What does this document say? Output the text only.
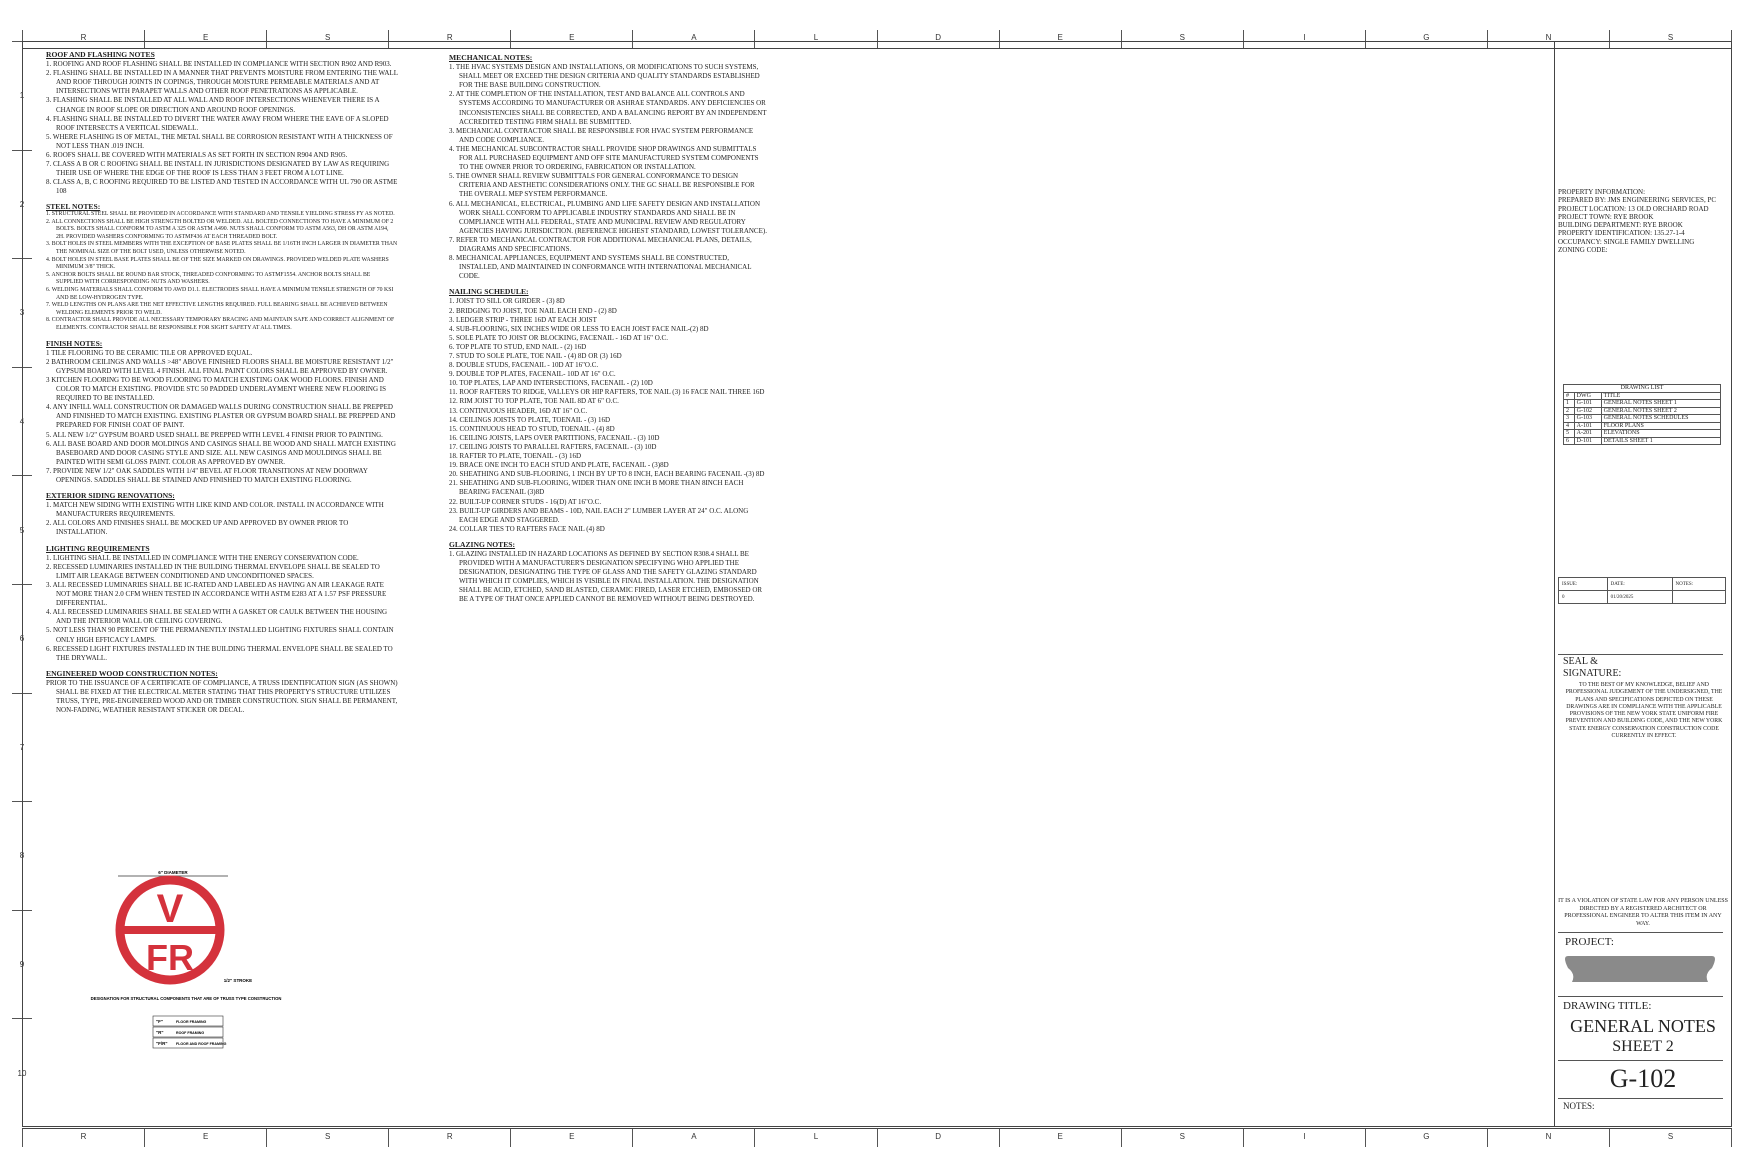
R	E	S	R	E	A	L	D	E	S	I	G	N	S
R	E	S	R	E	A	L	D	E	S	I	G	N	S
1
2
3
4
5
6
7
8
9
10
ROOF AND FLASHING NOTES

1. ROOFING AND ROOF FLASHING SHALL BE INSTALLED IN COMPLIANCE WITH SECTION R902 AND R903.

2. FLASHING SHALL BE INSTALLED IN A MANNER THAT PREVENTS MOISTURE FROM ENTERING THE WALL AND ROOF THROUGH JOINTS IN COPINGS, THROUGH MOISTURE PERMEABLE MATERIALS AND AT INTERSECTIONS WITH PARAPET WALLS AND OTHER ROOF PENETRATIONS AS APPLICABLE.

3. FLASHING SHALL BE INSTALLED AT ALL WALL AND ROOF INTERSECTIONS WHENEVER THERE IS A CHANGE IN ROOF SLOPE OR DIRECTION AND AROUND ROOF OPENINGS.

4. FLASHING SHALL BE INSTALLED TO DIVERT THE WATER AWAY FROM WHERE THE EAVE OF A SLOPED ROOF INTERSECTS A VERTICAL SIDEWALL.

5. WHERE FLASHING IS OF METAL, THE METAL SHALL BE CORROSION RESISTANT WITH A THICKNESS OF NOT LESS THAN .019 INCH.

6. ROOFS SHALL BE COVERED WITH MATERIALS AS SET FORTH IN SECTION R904 AND R905.

7. CLASS A B OR C ROOFING SHALL BE INSTALL IN JURISDICTIONS DESIGNATED BY LAW AS REQUIRING THEIR USE OF WHERE THE EDGE OF THE ROOF IS LESS THAN 3 FEET FROM A LOT LINE.

8. CLASS A, B, C ROOFING REQUIRED TO BE LISTED AND TESTED IN ACCORDANCE WITH UL 790 OR ASTME 108

STEEL NOTES:

1. STRUCTURAL STEEL SHALL BE PROVIDED IN ACCORDANCE WITH STANDARD AND TENSILE YIELDING STRESS FY AS NOTED.

2. ALL CONNECTIONS SHALL BE HIGH STRENGTH BOLTED OR WELDED. ALL BOLTED CONNECTIONS TO HAVE A MINIMUM OF 2 BOLTS. BOLTS SHALL CONFORM TO ASTM A 325 OR ASTM A490. NUTS SHALL CONFORM TO ASTM A563, DH OR ASTM A194, 2H. PROVIDED WASHERS CONFORMING TO ASTMF436 AT EACH THREADED BOLT.

3. BOLT HOLES IN STEEL MEMBERS WITH THE EXCEPTION OF BASE PLATES SHALL BE 1/16TH INCH LARGER IN DIAMETER THAN THE NOMINAL SIZE OF THE BOLT USED, UNLESS OTHERWISE NOTED.

4. BOLT HOLES IN STEEL BASE PLATES SHALL BE OF THE SIZE MARKED ON DRAWINGS. PROVIDED WELDED PLATE WASHERS MINIMUM 3/8" THICK.

5. ANCHOR BOLTS SHALL BE ROUND BAR STOCK, THREADED CONFORMING TO ASTMF1554. ANCHOR BOLTS SHALL BE SUPPLIED WITH CORRESPONDING NUTS AND WASHERS.

6. WELDING MATERIALS SHALL CONFORM TO AWD D1.1. ELECTRODES SHALL HAVE A MINIMUM TENSILE STRENGTH OF 70 KSI AND BE LOW-HYDROGEN TYPE.

7. WELD LENGTHS ON PLANS ARE THE NET EFFECTIVE LENGTHS REQUIRED. FULL BEARING SHALL BE ACHIEVED BETWEEN WELDING ELEMENTS PRIOR TO WELD.

8. CONTRACTOR SHALL PROVIDE ALL NECESSARY TEMPORARY BRACING AND MAINTAIN SAFE AND CORRECT ALIGNMENT OF ELEMENTS. CONTRACTOR SHALL BE RESPONSIBLE FOR SIGHT SAFETY AT ALL TIMES.

FINISH NOTES:

1 TILE FLOORING TO BE CERAMIC TILE OR APPROVED EQUAL.

2 BATHROOM CEILINGS AND WALLS >48" ABOVE FINISHED FLOORS SHALL BE MOISTURE RESISTANT 1/2" GYPSUM BOARD WITH LEVEL 4 FINISH. ALL FINAL PAINT COLORS SHALL BE APPROVED BY OWNER.

3 KITCHEN FLOORING TO BE WOOD FLOORING TO MATCH EXISTING OAK WOOD FLOORS. FINISH AND COLOR TO MATCH EXISTING. PROVIDE STC 50 PADDED UNDERLAYMENT WHERE NEW FLOORING IS REQUIRED TO BE INSTALLED.

4. ANY INFILL WALL CONSTRUCTION OR DAMAGED WALLS DURING CONSTRUCTION SHALL BE PREPPED AND FINISHED TO MATCH EXISTING. EXISTING PLASTER OR GYPSUM BOARD SHALL BE PREPPED AND PREPARED FOR FINISH COAT OF PAINT.

5. ALL NEW 1/2" GYPSUM BOARD USED SHALL BE PREPPED WITH LEVEL 4 FINISH PRIOR TO PAINTING.

6. ALL BASE BOARD AND DOOR MOLDINGS AND CASINGS SHALL BE WOOD AND SHALL MATCH EXISTING BASEBOARD AND DOOR CASING STYLE AND SIZE. ALL NEW CASINGS AND MOULDINGS SHALL BE PAINTED WITH SEMI GLOSS PAINT. COLOR AS APPROVED BY OWNER.

7. PROVIDE NEW 1/2" OAK SADDLES WITH 1/4" BEVEL AT FLOOR TRANSITIONS AT NEW DOORWAY OPENINGS. SADDLES SHALL BE STAINED AND FINISHED TO MATCH EXISTING FLOORING.

EXTERIOR SIDING RENOVATIONS:

1. MATCH NEW SIDING WITH EXISTING WITH LIKE KIND AND COLOR. INSTALL IN ACCORDANCE WITH MANUFACTURERS REQUIREMENTS.

2. ALL COLORS AND FINISHES SHALL BE MOCKED UP AND APPROVED BY OWNER PRIOR TO INSTALLATION.

LIGHTING REQUIREMENTS

1. LIGHTING SHALL BE INSTALLED IN COMPLIANCE WITH THE ENERGY CONSERVATION CODE.

2. RECESSED LUMINARIES INSTALLED IN THE BUILDING THERMAL ENVELOPE SHALL BE SEALED TO LIMIT AIR LEAKAGE BETWEEN CONDITIONED AND UNCONDITIONED SPACES.

3. ALL RECESSED LUMINARIES SHALL BE IC-RATED AND LABELED AS HAVING AN AIR LEAKAGE RATE NOT MORE THAN 2.0 CFM WHEN TESTED IN ACCORDANCE WITH ASTM E283 AT A 1.57 PSF PRESSURE DIFFERENTIAL.

4. ALL RECESSED LUMINARIES SHALL BE SEALED WITH A GASKET OR CAULK BETWEEN THE HOUSING AND THE INTERIOR WALL OR CEILING COVERING.

5. NOT LESS THAN 90 PERCENT OF THE PERMANENTLY INSTALLED LIGHTING FIXTURES SHALL CONTAIN ONLY HIGH EFFICACY LAMPS.

6. RECESSED LIGHT FIXTURES INSTALLED IN THE BUILDING THERMAL ENVELOPE SHALL BE SEALED TO THE DRYWALL.

ENGINEERED WOOD CONSTRUCTION NOTES:

PRIOR TO THE ISSUANCE OF A CERTIFICATE OF COMPLIANCE, A TRUSS IDENTIFICATION SIGN (AS SHOWN) SHALL BE FIXED AT THE ELECTRICAL METER STATING THAT THIS PROPERTY'S STRUCTURE UTILIZES TRUSS, TYPE, PRE-ENGINEERED WOOD AND OR TIMBER CONSTRUCTION. SIGN SHALL BE PERMANENT, NON-FADING, WEATHER RESISTANT STICKER OR DECAL.

MECHANICAL NOTES:

1. THE HVAC SYSTEMS DESIGN AND INSTALLATIONS, OR MODIFICATIONS TO SUCH SYSTEMS, SHALL MEET OR EXCEED THE DESIGN CRITERIA AND QUALITY STANDARDS ESTABLISHED FOR THE BASE BUILDING CONSTRUCTION.

2. AT THE COMPLETION OF THE INSTALLATION, TEST AND BALANCE ALL CONTROLS AND SYSTEMS ACCORDING TO MANUFACTURER OR ASHRAE STANDARDS. ANY DEFICIENCIES OR INCONSISTENCIES SHALL BE CORRECTED, AND A BALANCING REPORT BY AN INDEPENDENT ACCREDITED TESTING FIRM SHALL BE SUBMITTED.

3. MECHANICAL CONTRACTOR SHALL BE RESPONSIBLE FOR HVAC SYSTEM PERFORMANCE AND CODE COMPLIANCE.

4. THE MECHANICAL SUBCONTRACTOR SHALL PROVIDE SHOP DRAWINGS AND SUBMITTALS FOR ALL PURCHASED EQUIPMENT AND OFF SITE MANUFACTURED SYSTEM COMPONENTS TO THE OWNER PRIOR TO ORDERING, FABRICATION OR INSTALLATION.

5. THE OWNER SHALL REVIEW SUBMITTALS FOR GENERAL CONFORMANCE TO DESIGN CRITERIA AND AESTHETIC CONSIDERATIONS ONLY. THE GC SHALL BE RESPONSIBLE FOR THE OVERALL MEP SYSTEM PERFORMANCE.

6. ALL MECHANICAL, ELECTRICAL, PLUMBING AND LIFE SAFETY DESIGN AND INSTALLATION WORK SHALL CONFORM TO APPLICABLE INDUSTRY STANDARDS AND SHALL BE IN COMPLIANCE WITH ALL FEDERAL, STATE AND MUNICIPAL REVIEW AND REGULATORY AGENCIES HAVING JURISDICTION. (REFERENCE HIGHEST STANDARD, LOWEST TOLERANCE).

7. REFER TO MECHANICAL CONTRACTOR FOR ADDITIONAL MECHANICAL PLANS, DETAILS, DIAGRAMS AND SPECIFICATIONS.

8. MECHANICAL APPLIANCES, EQUIPMENT AND SYSTEMS SHALL BE CONSTRUCTED, INSTALLED, AND MAINTAINED IN CONFORMANCE WITH INTERNATIONAL MECHANICAL CODE.

NAILING SCHEDULE:

1. JOIST TO SILL OR GIRDER - (3) 8D

2. BRIDGING TO JOIST, TOE NAIL EACH END - (2) 8D

3. LEDGER STRIP - THREE 16D AT EACH JOIST

4. SUB-FLOORING, SIX INCHES WIDE OR LESS TO EACH JOIST FACE NAIL-(2) 8D

5. SOLE PLATE TO JOIST OR BLOCKING, FACENAIL - 16D AT 16" O.C.

6. TOP PLATE TO STUD, END NAIL - (2) 16D

7. STUD TO SOLE PLATE, TOE NAIL - (4) 8D OR (3) 16D

8. DOUBLE STUDS, FACENAIL - 10D AT 16"O.C.

9. DOUBLE TOP PLATES, FACENAIL- 10D AT 16" O.C.

10. TOP PLATES, LAP AND INTERSECTIONS, FACENAIL - (2) 10D

11. ROOF RAFTERS TO RIDGE, VALLEYS OR HIP RAFTERS, TOE NAIL (3) 16 FACE NAIL THREE 16D

12. RIM JOIST TO TOP PLATE, TOE NAIL 8D AT 6" O.C.

13. CONTINUOUS HEADER, 16D AT 16" O.C.

14. CEILINGS JOISTS TO PLATE, TOENAIL - (3) 16D

15. CONTINUOUS HEAD TO STUD, TOENAIL - (4) 8D

16. CEILING JOISTS, LAPS OVER PARTITIONS, FACENAIL - (3) 10D

17. CEILING JOISTS TO PARALLEL RAFTERS, FACENAIL - (3) 10D

18. RAFTER TO PLATE, TOENAIL - (3) 16D

19. BRACE ONE INCH TO EACH STUD AND PLATE, FACENAIL - (3)8D

20. SHEATHING AND SUB-FLOORING, 1 INCH BY UP TO 8 INCH, EACH BEARING FACENAIL -(3) 8D

21. SHEATHING AND SUB-FLOORING, WIDER THAN ONE INCH B MORE THAN 8INCH EACH BEARING FACENAIL (3)8D

22. BUILT-UP CORNER STUDS - 16(D) AT 16"O.C.

23. BUILT-UP GIRDERS AND BEAMS - 10D, NAIL EACH 2" LUMBER LAYER AT 24" O.C. ALONG EACH EDGE AND STAGGERED.

24. COLLAR TIES TO RAFTERS FACE NAIL (4) 8D

GLAZING NOTES:

1. GLAZING INSTALLED IN HAZARD LOCATIONS AS DEFINED BY SECTION R308.4 SHALL BE PROVIDED WITH A MANUFACTURER'S DESIGNATION SPECIFYING WHO APPLIED THE DESIGNATION, DESIGNATING THE TYPE OF GLASS AND THE SAFETY GLAZING STANDARD WITH WHICH IT COMPLIES, WHICH IS VISIBLE IN FINAL INSTALLATION. THE DESIGNATION SHALL BE ACID, ETCHED, SAND BLASTED, CERAMIC FIRED, LASER ETCHED, EMBOSSED OR BE A TYPE OF THAT ONCE APPLIED CANNOT BE REMOVED WITHOUT BEING DESTROYED.

6" DIAMETER
V
FR
1/2" STROKE
DESIGNATION FOR STRUCTURAL COMPONENTS THAT ARE OF TRUSS TYPE CONSTRUCTION
"F"	FLOOR FRAMING
"R"	ROOF FRAMING
"F/R" FLOOR AND ROOF FRAMING
PROPERTY INFORMATION:
PREPARED BY: JMS ENGINEERING SERVICES, PC
PROJECT LOCATION: 13 OLD ORCHARD ROAD
PROJECT TOWN: RYE BROOK
BUILDING DEPARTMENT: RYE BROOK
PROPERTY IDENTIFICATION: 135.27-1-4
OCCUPANCY: SINGLE FAMILY DWELLING
ZONING CODE:
DRAWING LIST		
#	DWG	TITLE
1	G-101	GENERAL NOTES SHEET 1
2	G-102	GENERAL NOTES SHEET 2
3	G-103	GENERAL NOTES SCHEDULES
4	A-101	FLOOR PLANS
5	A-201	ELEVATIONS
6	D-101	DETAILS SHEET 1
ISSUE:	DATE:	NOTES:
0	01/20/2025	
SEAL & SIGNATURE:
TO THE BEST OF MY KNOWLEDGE, BELIEF AND PROFESSIONAL JUDGEMENT OF THE UNDERSIGNED, THE PLANS AND SPECIFICATIONS DEPICTED ON THESE DRAWINGS ARE IN COMPLIANCE WITH THE APPLICABLE PROVISIONS OF THE NEW YORK STATE UNIFORM FIRE PREVENTION AND BUILDING CODE, AND THE NEW YORK STATE ENERGY CONSERVATION CONSTRUCTION CODE CURRENTLY IN EFFECT.
IT IS A VIOLATION OF STATE LAW FOR ANY PERSON UNLESS DIRECTED BY A REGISTERED ARCHITECT OR PROFESSIONAL ENGINEER TO ALTER THIS ITEM IN ANY WAY.
PROJECT:
DRAWING TITLE:
GENERAL NOTES
SHEET 2
G-102
NOTES:
